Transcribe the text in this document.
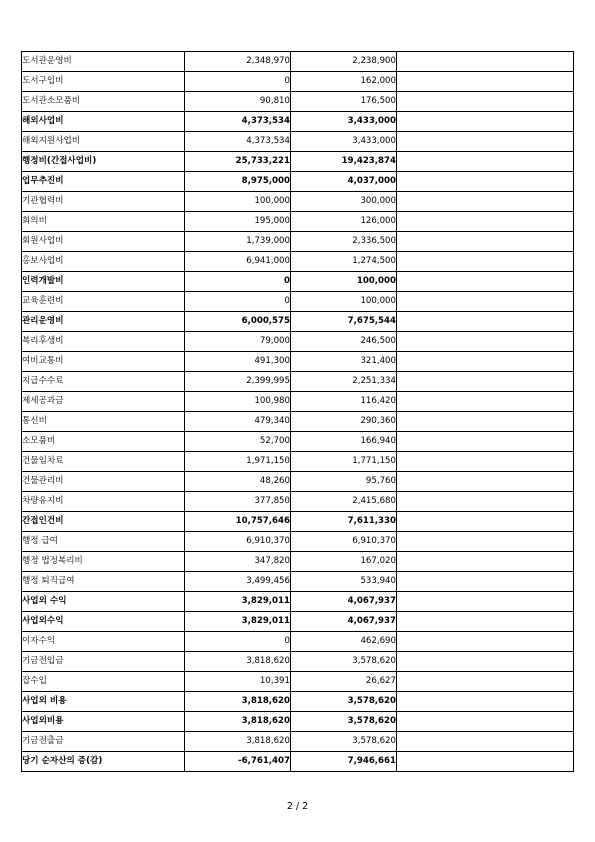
도서관운영비	2,348,970	2,238,900	
도서구입비	0	162,000	
도서관소모품비	90,810	176,500	
해외사업비	4,373,534	3,433,000	
해외지원사업비	4,373,534	3,433,000	
행정비(간접사업비)	25,733,221	19,423,874	
업무추진비	8,975,000	4,037,000	
기관협력비	100,000	300,000	
회의비	195,000	126,000	
회원사업비	1,739,000	2,336,500	
홍보사업비	6,941,000	1,274,500	
인력개발비	0	100,000	
교육훈련비	0	100,000	
관리운영비	6,000,575	7,675,544	
복리후생비	79,000	246,500	
여비교통비	491,300	321,400	
지급수수료	2,399,995	2,251,334	
제세공과금	100,980	116,420	
통신비	479,340	290,360	
소모품비	52,700	166,940	
건물임차료	1,971,150	1,771,150	
건물관리비	48,260	95,760	
차량유지비	377,850	2,415,680	
간접인건비	10,757,646	7,611,330	
행정 급여	6,910,370	6,910,370	
행정 법정복리비	347,820	167,020	
행정 퇴직급여	3,499,456	533,940	
사업외 수익	3,829,011	4,067,937	
사업외수익	3,829,011	4,067,937	
이자수익	0	462,690	
기금전입금	3,818,620	3,578,620	
잡수입	10,391	26,627	
사업외 비용	3,818,620	3,578,620	
사업외비용	3,818,620	3,578,620	
기금전출금	3,818,620	3,578,620	
당기 순자산의 증(감)	-6,761,407	7,946,661	
2 / 2
